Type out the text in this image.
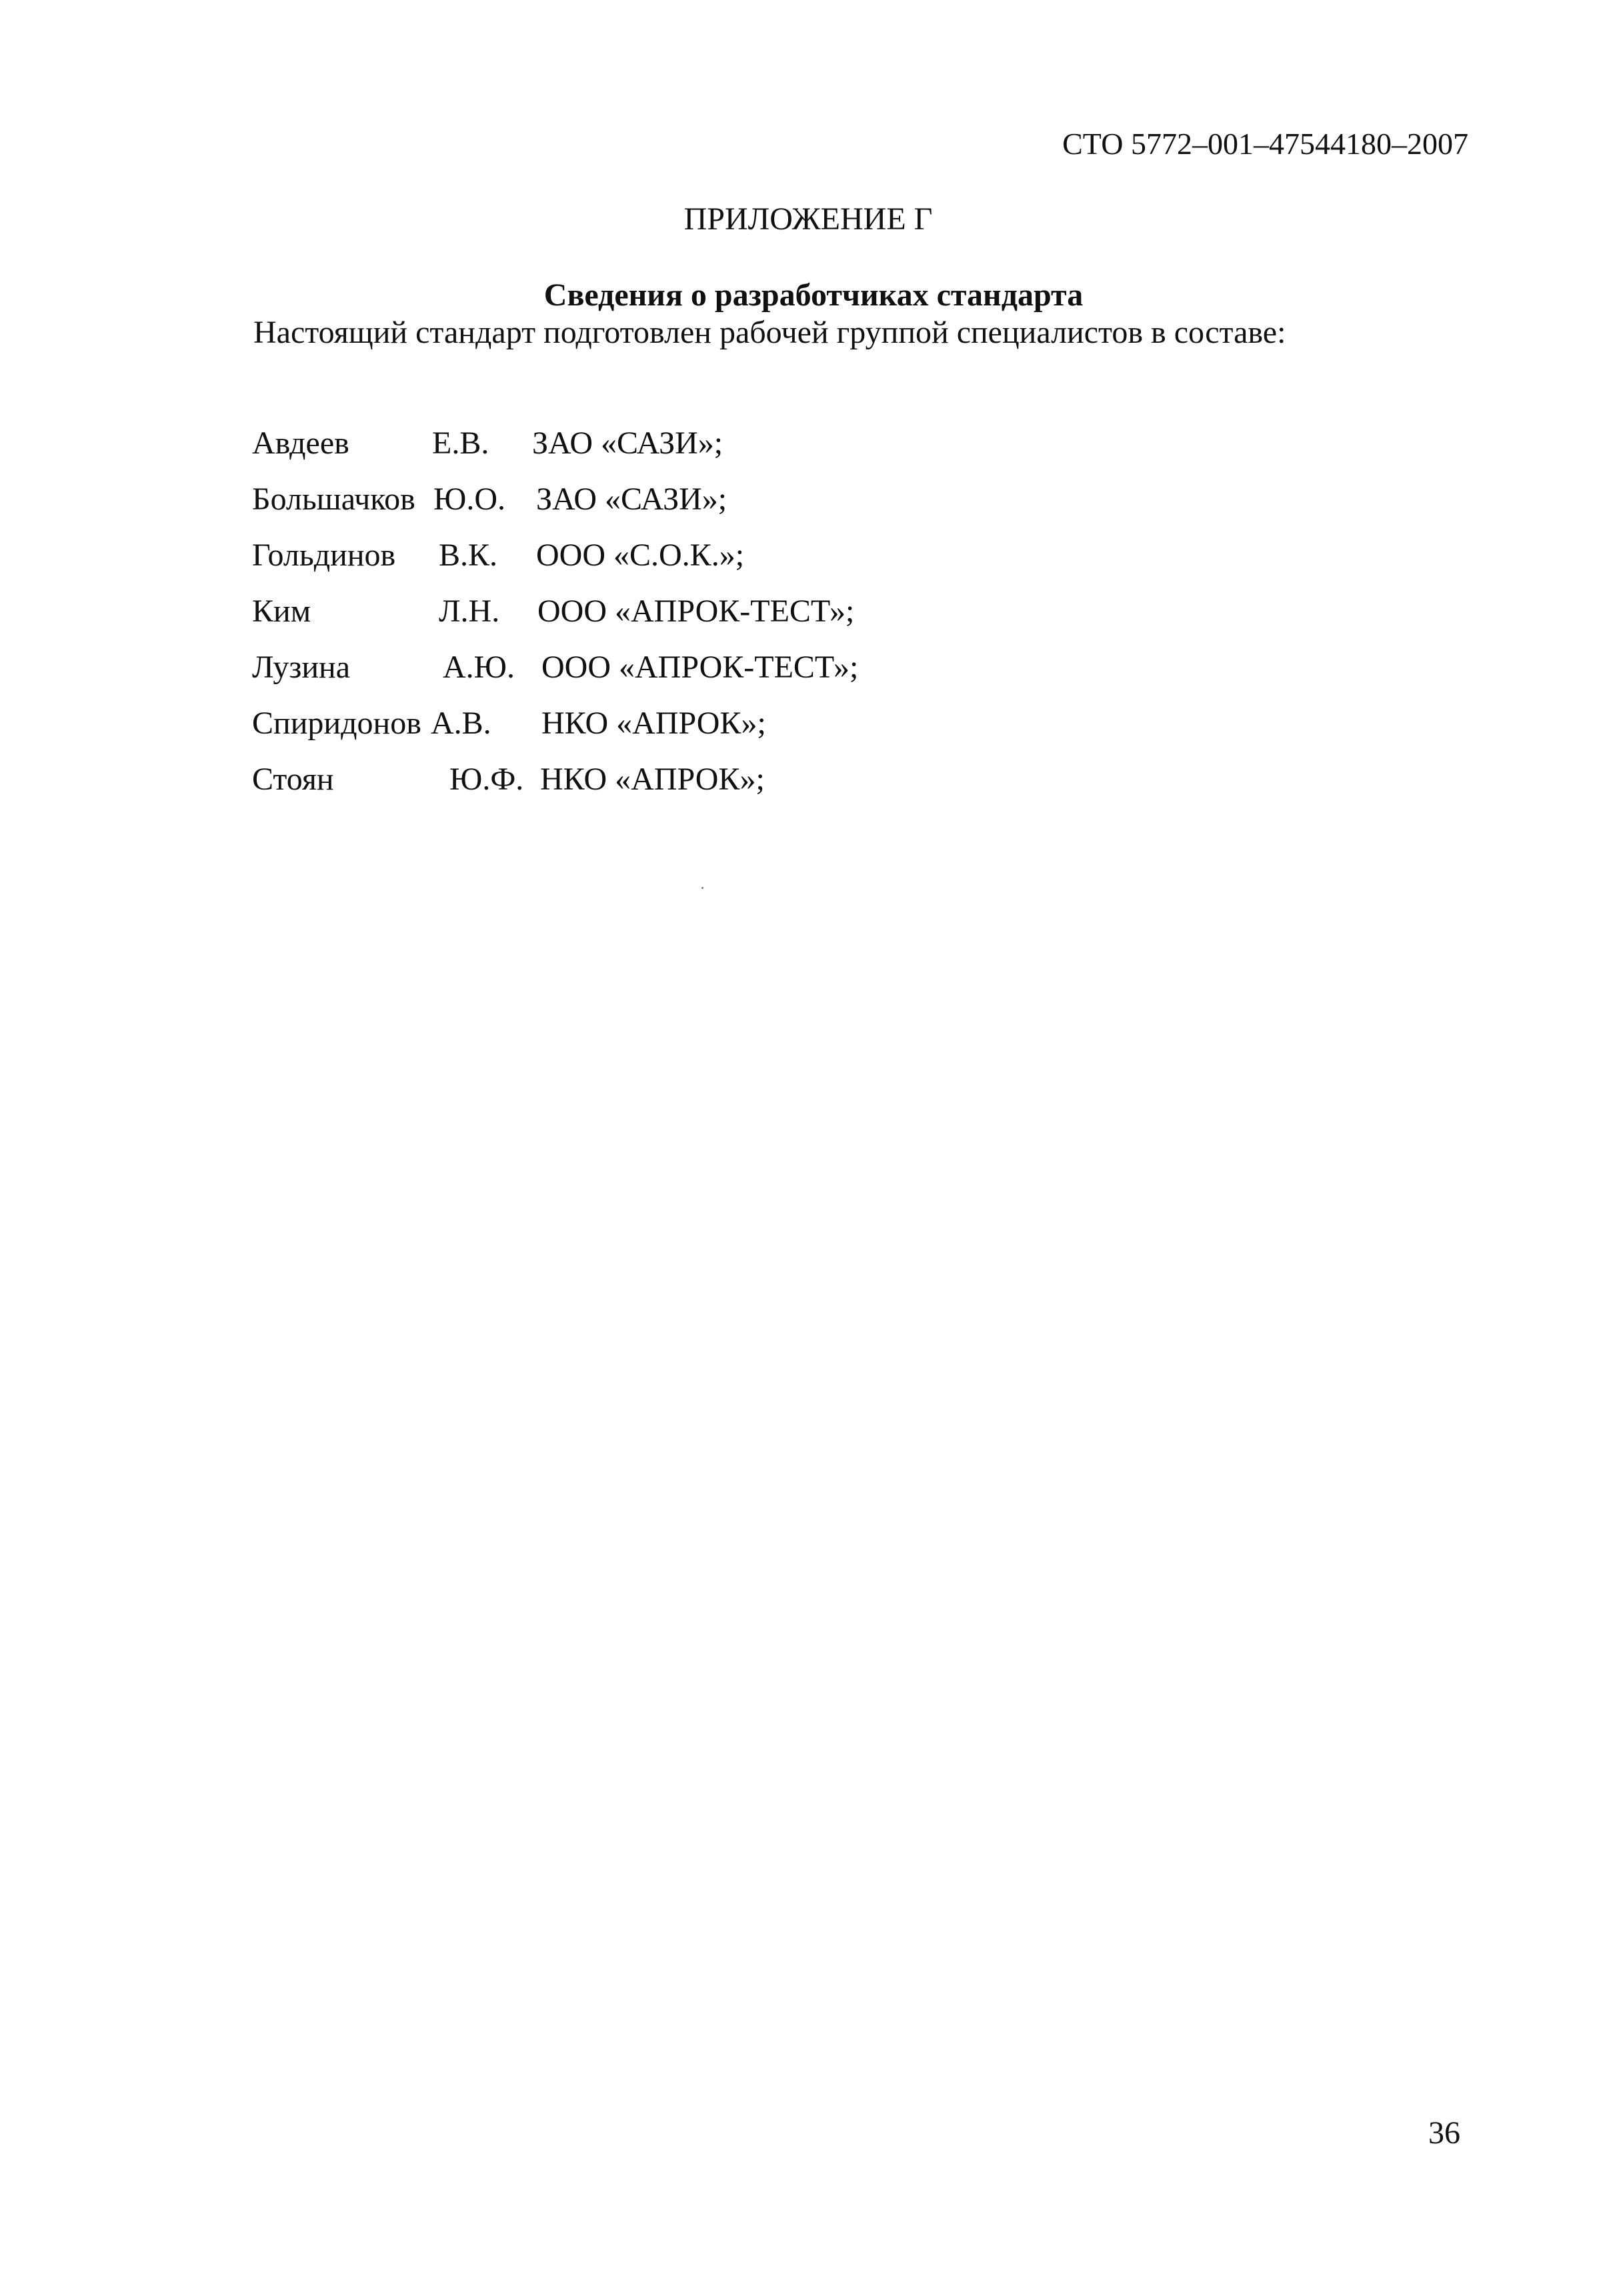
СТО 5772–001–47544180–2007
ПРИЛОЖЕНИЕ Г
Сведения о разработчиках стандарта
Настоящий стандарт подготовлен рабочей группой специалистов в составе:
Авдеев	Е.В. ЗАО «САЗИ»;
Большачков Ю.О. ЗАО «САЗИ»;
Гольдинов В.К. ООО «С.О.К.»;
Ким	Л.Н. ООО «АПРОК-ТЕСТ»;
Лузина	А.Ю. ООО «АПРОК-ТЕСТ»;
Спиридонов А.В. НКО «АПРОК»;
Стоян	Ю.Ф. НКО «АПРОК»;
36
